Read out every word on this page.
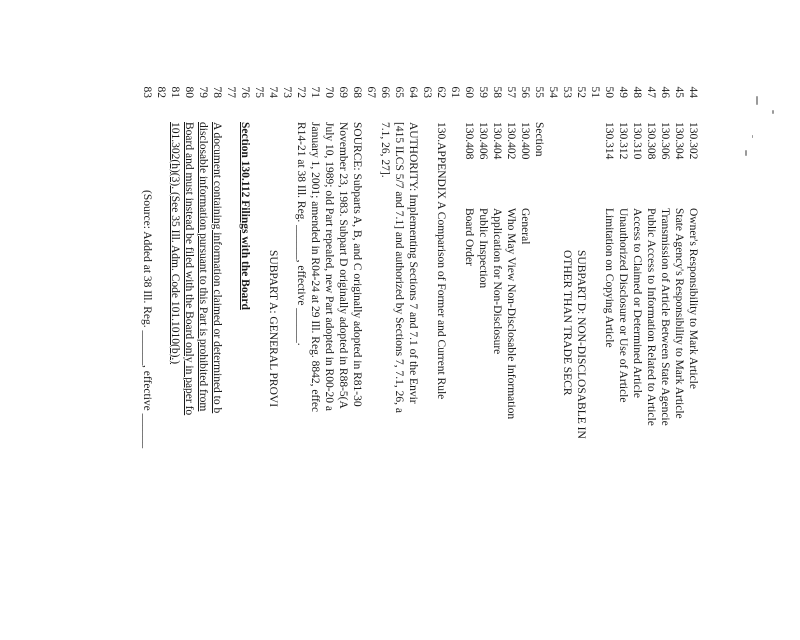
44
130.302
Owner's Responsibility to Mark Article
45
130.304
State Agency's Responsibility to Mark Article
46
130.306
Transmission of Article Between State Agencie
47
130.308
Public Access to Information Related to Article
48
130.310
Access to Claimed or Determined Article
49
130.312
Unauthorized Disclosure or Use of Article
50
130.314
Limitation on Copying Article
51
52
SUBPART D: NON-DISCLOSABLE IN
53
OTHER THAN TRADE SECR
54
55
Section
56
130.400
General
57
130.402
Who May View Non-Disclosable Information
58
130.404
Application for Non-Disclosure
59
130.406
Public Inspection
60
130.408
Board Order
61
62
130.APPENDIX A Comparison of Former and Current Rule
63
64
AUTHORITY: Implementing Sections 7 and 7.1 of the Envir
65
[415 ILCS 5/7 and 7.1] and authorized by Sections 7, 7.1, 26, a
66
7.1, 26, 27].
67
68
SOURCE: Subparts A, B, and C originally adopted in R81-30
69
November 23, 1983. Subpart D originally adopted in R88-5(A
70
July 10, 1989; old Part repealed, new Part adopted in R00-20 a
71
January 1, 2001; amended in R04-24 at 29 Ill. Reg. 8842, effec
72
R14-21 at 38 Ill. Reg. ______, effective ______.
73
74
SUBPART A: GENERAL PROVI
75
76
Section 130.112 Filings with the Board
77
78
A document containing information claimed or determined to b
79
disclosable information pursuant to this Part is prohibited from
80
Board and must instead be filed with the Board only in paper fo
81
101.302(h)(3). (See 35 Ill. Adm. Code 101.1010(b).)
82
83
(Source: Added at 38 Ill. Reg. ______, effective ______
